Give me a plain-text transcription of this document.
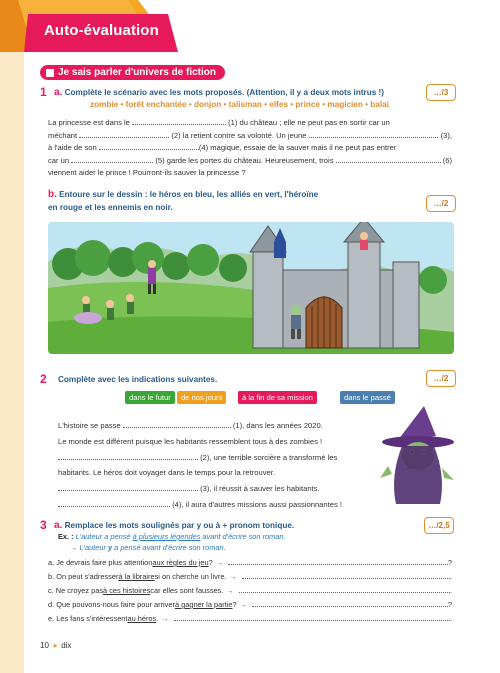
Auto-évaluation
Je sais parler d'univers de fiction
1 a. Complète le scénario avec les mots proposés. (Attention, il y a deux mots intrus !)	…/3
zombie • forêt enchantée • donjon • talisman • elfes • prince • magicien • balai
La princesse est dans le	(1) du château ; elle ne peut pas en sortir car un
méchant

	(2) la retient contre sa volonté. Un jeune

	(3),
à l'aide de son	(4) magique, essaie de la sauver mais il ne peut pas entrer
car un

	(5) garde les portes du château. Heureusement, trois

	(6)
viennent aider le prince ! Pourront-ils sauver la princesse ?
b. Entoure sur le dessin : le héros en bleu, les alliés en vert, l'héroïne
en rouge et les ennemis en noir.	…/2
2 Complète avec les indications suivantes.	…/2
dans le futur	de nos jours	à la fin de sa mission	dans le passé
L'histoire se passe	(1), dans les années 2020.
Le monde est différent puisque les habitants ressemblent tous à des zombies !
(2), une terrible sorcière a transformé les
habitants. Le héros doit voyager dans le temps pour la retrouver.
(3), il réussit à sauver les habitants.
(4), il aura d'autres missions aussi passionnantes !
3 a. Remplace les mots soulignés par y ou à + pronom tonique.	…/2,5
Ex. : L'auteur a pensé à plusieurs légendes avant d'écrire son roman.
→ L'auteur y a pensé avant d'écrire son roman.
a. Je devrais faire plus attention aux règles du jeu ? →	?
b. On peut s'adresser à la libraire si on cherche un livre. →	.
c. Ne croyez pas à ces histoires car elles sont fausses. →	.
d. Que pouvons-nous faire pour arriver à gagner la partie ? →	?
e. Les fans s'intéressent au héros . →	.
10 ★ dix
